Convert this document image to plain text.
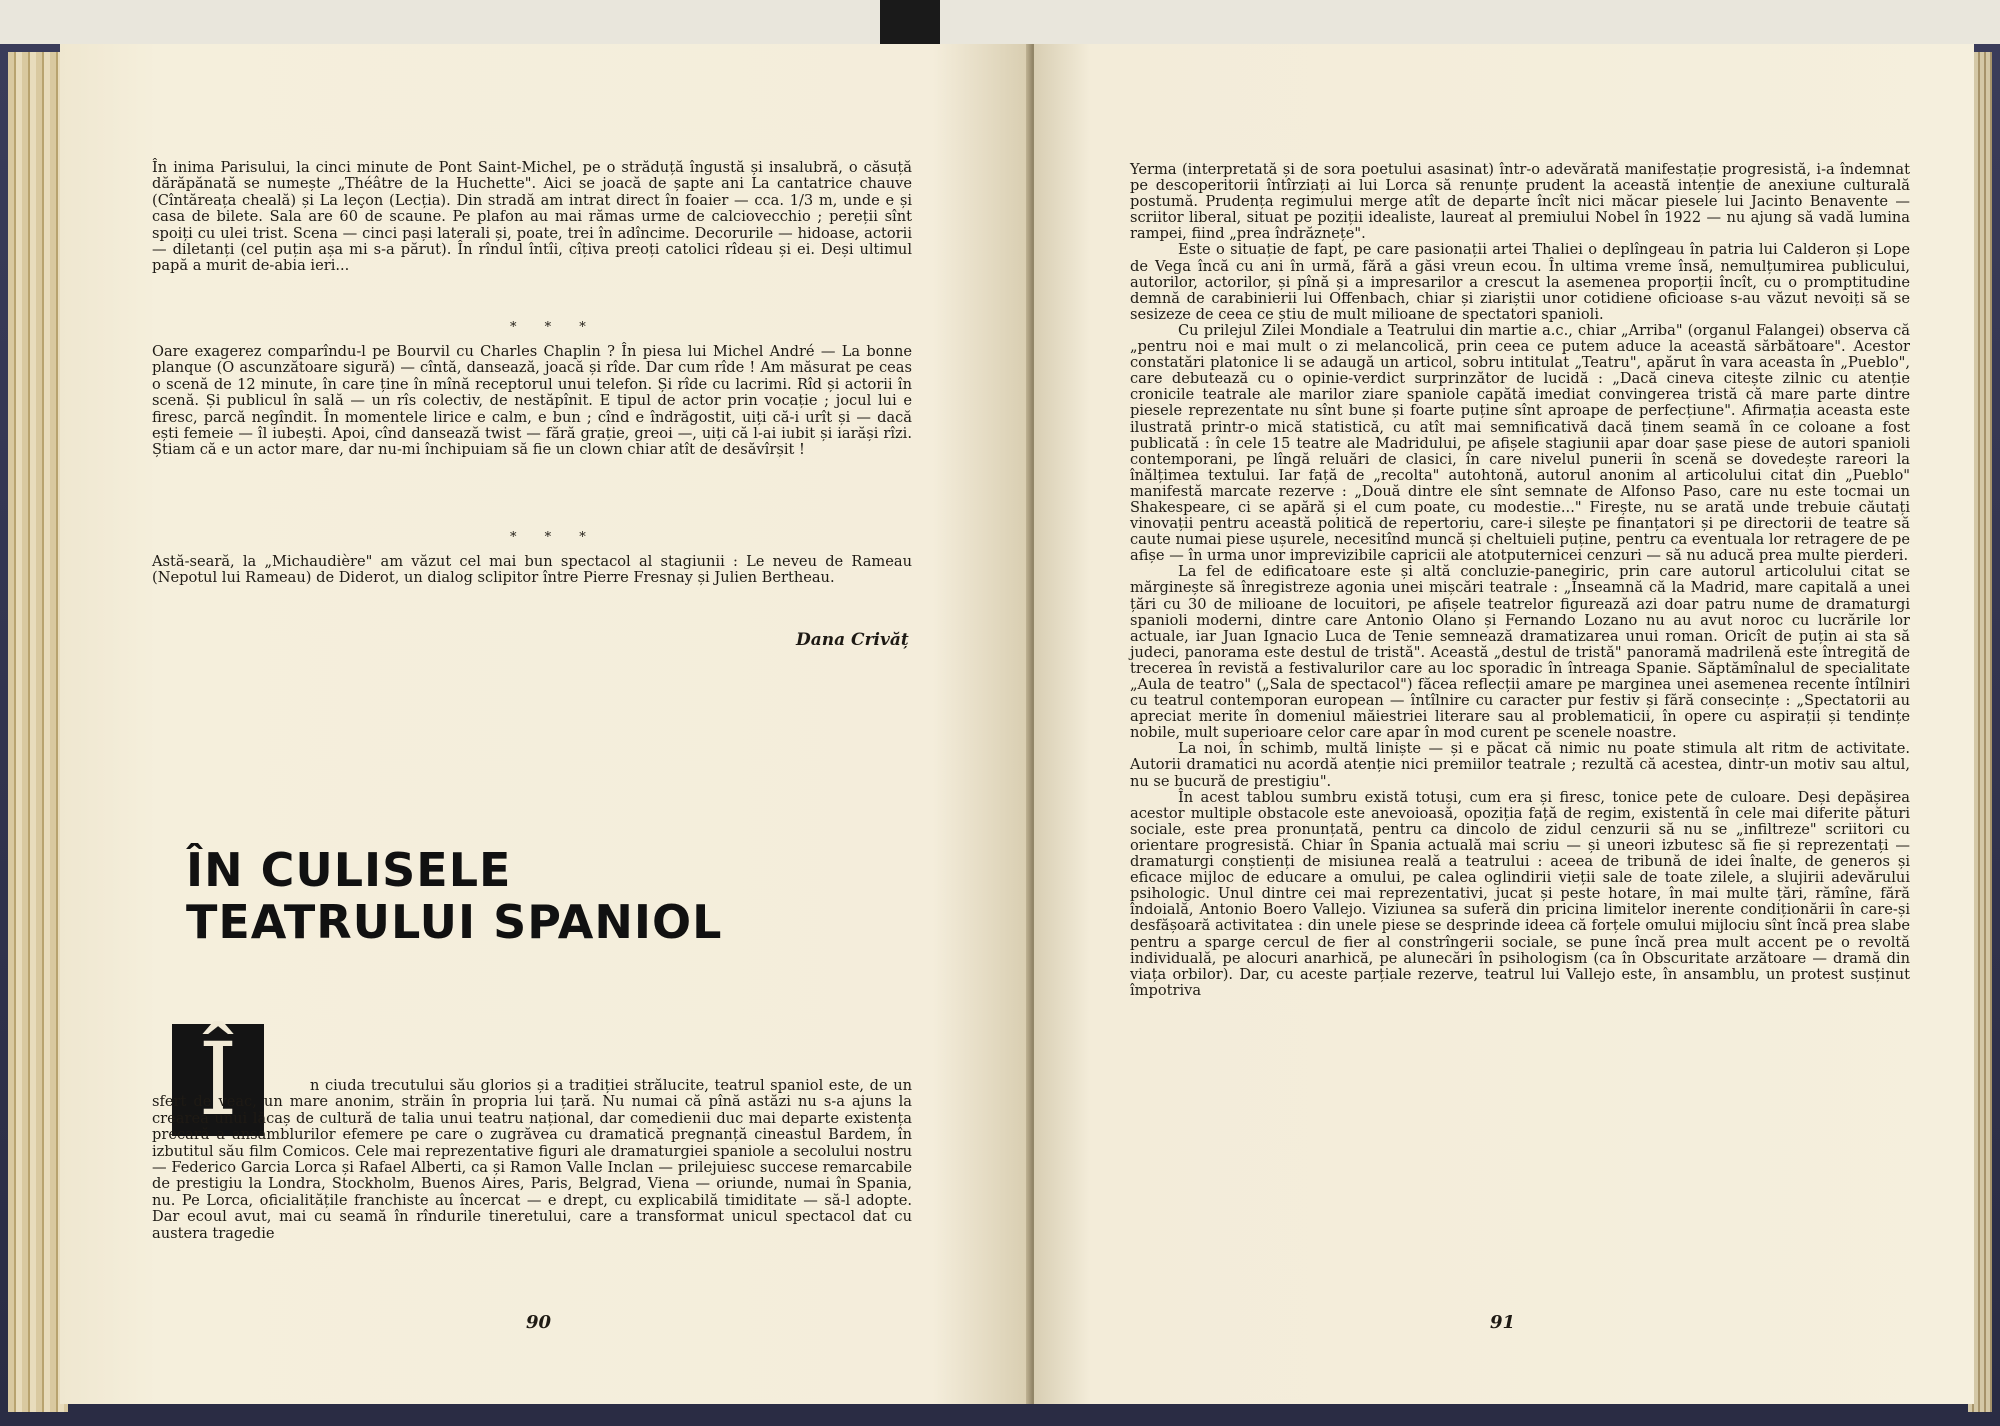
În inima Parisului, la cinci minute de Pont Saint-Michel, pe o străduță îngustă și insalubră, o căsuță dărăpănată se numește „Théâtre de la Huchette". Aici se joacă de șapte ani La cantatrice chauve (Cîntăreața cheală) și La leçon (Lecția). Din stradă am intrat direct în foaier — cca. 1/3 m, unde e și casa de bilete. Sala are 60 de scaune. Pe plafon au mai rămas urme de calciovecchio ; pereții sînt spoiți cu ulei trist. Scena — cinci pași laterali și, poate, trei în adîncime. Decorurile — hidoase, actorii — diletanți (cel puțin așa mi s-a părut). În rîndul întîi, cîțiva preoți catolici rîdeau și ei. Deși ultimul papă a murit de-abia ieri...
* * *
Oare exagerez comparîndu-l pe Bourvil cu Charles Chaplin ? În piesa lui Michel André — La bonne planque (O ascunzătoare sigură) — cîntă, dansează, joacă și rîde. Dar cum rîde ! Am măsurat pe ceas o scenă de 12 minute, în care ține în mînă receptorul unui telefon. Și rîde cu lacrimi. Rîd și actorii în scenă. Și publicul în sală — un rîs colectiv, de nestăpînit. E tipul de actor prin vocație ; jocul lui e firesc, parcă negîndit. În momentele lirice e calm, e bun ; cînd e îndrăgostit, uiți că-i urît și — dacă ești femeie — îl iubești. Apoi, cînd dansează twist — fără grație, greoi —, uiți că l-ai iubit și iarăși rîzi. Știam că e un actor mare, dar nu-mi închipuiam să fie un clown chiar atît de desăvîrșit !
* * *
Astă-seară, la „Michaudière" am văzut cel mai bun spectacol al stagiunii : Le neveu de Rameau (Nepotul lui Rameau) de Diderot, un dialog sclipitor între Pierre Fresnay și Julien Bertheau.
Dana Crivăț
ÎN CULISELE
TEATRULUI SPANIOL
Î	n ciuda trecutului său glorios și a tradiției strălucite, teatrul spaniol este, de un sfert de veac, un mare anonim, străin în propria lui țară. Nu numai că pînă astăzi nu s-a ajuns la crearea unui lăcaș de cultură de talia unui teatru național, dar comedienii duc mai departe existența precară a ansamblurilor efemere pe care o zugrăvea cu dramatică pregnanță cineastul Bardem, în izbutitul său film Comicos. Cele mai reprezentative figuri ale dramaturgiei spaniole a secolului nostru — Federico Garcia Lorca și Rafael Alberti, ca și Ramon Valle Inclan — prilejuiesc succese remarcabile de prestigiu la Londra, Stockholm, Buenos Aires, Paris, Belgrad, Viena — oriunde, numai în Spania, nu. Pe Lorca, oficialitățile franchiste au încercat — e drept, cu explicabilă timiditate — să-l adopte. Dar ecoul avut, mai cu seamă în rîndurile tineretului, care a transformat unicul spectacol dat cu austera tragedie
90

Yerma (interpretată și de sora poetului asasinat) într-o adevărată manifestație progresistă, i-a îndemnat pe descoperitorii întîrziați ai lui Lorca să renunțe prudent la această intenție de anexiune culturală postumă. Prudența regimului merge atît de departe încît nici măcar piesele lui Jacinto Benavente — scriitor liberal, situat pe poziții idealiste, laureat al premiului Nobel în 1922 — nu ajung să vadă lumina rampei, fiind „prea îndrăznețe".

Este o situație de fapt, pe care pasionații artei Thaliei o deplîngeau în patria lui Calderon și Lope de Vega încă cu ani în urmă, fără a găsi vreun ecou. În ultima vreme însă, nemulțumirea publicului, autorilor, actorilor, și pînă și a impresarilor a crescut la asemenea proporții încît, cu o promptitudine demnă de carabinierii lui Offenbach, chiar și ziariștii unor cotidiene oficioase s-au văzut nevoiți să se sesizeze de ceea ce știu de mult milioane de spectatori spanioli.

Cu prilejul Zilei Mondiale a Teatrului din martie a.c., chiar „Arriba" (organul Falangei) observa că „pentru noi e mai mult o zi melancolică, prin ceea ce putem aduce la această sărbătoare". Acestor constatări platonice li se adaugă un articol, sobru intitulat „Teatru", apărut în vara aceasta în „Pueblo", care debutează cu o opinie-verdict surprinzător de lucidă : „Dacă cineva citește zilnic cu atenție cronicile teatrale ale marilor ziare spaniole capătă imediat convingerea tristă că mare parte dintre piesele reprezentate nu sînt bune și foarte puține sînt aproape de perfecțiune". Afirmația aceasta este ilustrată printr-o mică statistică, cu atît mai semnificativă dacă ținem seamă în ce coloane a fost publicată : în cele 15 teatre ale Madridului, pe afișele stagiunii apar doar șase piese de autori spanioli contemporani, pe lîngă reluări de clasici, în care nivelul punerii în scenă se dovedește rareori la înălțimea textului. Iar față de „recolta" autohtonă, autorul anonim al articolului citat din „Pueblo" manifestă marcate rezerve : „Două dintre ele sînt semnate de Alfonso Paso, care nu este tocmai un Shakespeare, ci se apără și el cum poate, cu modestie..." Firește, nu se arată unde trebuie căutați vinovații pentru această politică de repertoriu, care-i silește pe finanțatori și pe directorii de teatre să caute numai piese ușurele, necesitînd muncă și cheltuieli puține, pentru ca eventuala lor retragere de pe afișe — în urma unor imprevizibile capricii ale atotputernicei cenzuri — să nu aducă prea multe pierderi.

La fel de edificatoare este și altă concluzie-panegiric, prin care autorul articolului citat se mărginește să înregistreze agonia unei mișcări teatrale : „Înseamnă că la Madrid, mare capitală a unei țări cu 30 de milioane de locuitori, pe afișele teatrelor figurează azi doar patru nume de dramaturgi spanioli moderni, dintre care Antonio Olano și Fernando Lozano nu au avut noroc cu lucrările lor actuale, iar Juan Ignacio Luca de Tenie semnează dramatizarea unui roman. Oricît de puțin ai sta să judeci, panorama este destul de tristă". Această „destul de tristă" panoramă madrilenă este întregită de trecerea în revistă a festivalurilor care au loc sporadic în întreaga Spanie. Săptămînalul de specialitate „Aula de teatro" („Sala de spectacol") făcea reflecții amare pe marginea unei asemenea recente întîlniri cu teatrul contemporan european — întîlnire cu caracter pur festiv și fără consecințe : „Spectatorii au apreciat merite în domeniul măiestriei literare sau al problematicii, în opere cu aspirații și tendințe nobile, mult superioare celor care apar în mod curent pe scenele noastre.

La noi, în schimb, multă liniște — și e păcat că nimic nu poate stimula alt ritm de activitate. Autorii dramatici nu acordă atenție nici premiilor teatrale ; rezultă că acestea, dintr-un motiv sau altul, nu se bucură de prestigiu".

În acest tablou sumbru există totuși, cum era și firesc, tonice pete de culoare. Deși depășirea acestor multiple obstacole este anevoioasă, opoziția față de regim, existentă în cele mai diferite pături sociale, este prea pronunțată, pentru ca dincolo de zidul cenzurii să nu se „infiltreze" scriitori cu orientare progresistă. Chiar în Spania actuală mai scriu — și uneori izbutesc să fie și reprezentați — dramaturgi conștienți de misiunea reală a teatrului : aceea de tribună de idei înalte, de generos și eficace mijloc de educare a omului, pe calea oglindirii vieții sale de toate zilele, a slujirii adevărului psihologic. Unul dintre cei mai reprezentativi, jucat și peste hotare, în mai multe țări, rămîne, fără îndoială, Antonio Boero Vallejo. Viziunea sa suferă din pricina limitelor inerente condiționării în care-și desfășoară activitatea : din unele piese se desprinde ideea că forțele omului mijlociu sînt încă prea slabe pentru a sparge cercul de fier al constrîngerii sociale, se pune încă prea mult accent pe o revoltă individuală, pe alocuri anarhică, pe alunecări în psihologism (ca în Obscuritate arzătoare — dramă din viața orbilor). Dar, cu aceste parțiale rezerve, teatrul lui Vallejo este, în ansamblu, un protest susținut împotriva

91
